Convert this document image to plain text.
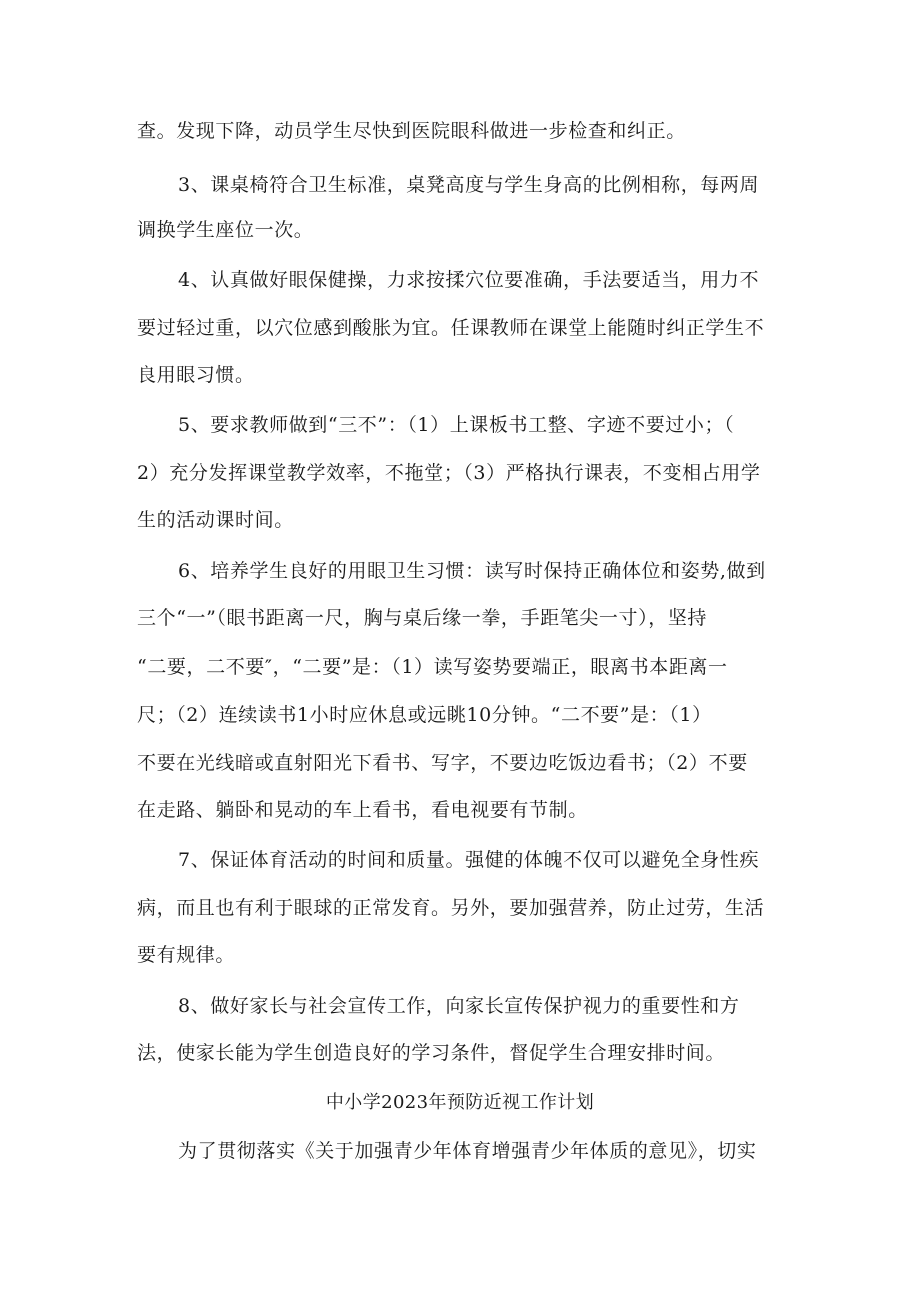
查。发现下降，动员学生尽快到医院眼科做进一步检查和纠正。
3、课桌椅符合卫生标准，桌凳高度与学生身高的比例相称，每两周
调换学生座位一次。
4、认真做好眼保健操，力求按揉穴位要准确，手法要适当，用力不
要过轻过重，以穴位感到酸胀为宜。任课教师在课堂上能随时纠正学生不
良用眼习惯。
5、要求教师做到“三不”：（1）上课板书工整、字迹不要过小；（
2）充分发挥课堂教学效率，不拖堂；（3）严格执行课表，不变相占用学
生的活动课时间。
6、培养学生良好的用眼卫生习惯：读写时保持正确体位和姿势,做到
三个“一”（眼书距离一尺，胸与桌后缘一拳，手距笔尖一寸），坚持
“二要，二不要″，“二要”是：（1）读写姿势要端正，眼离书本距离一
尺；（2）连续读书1小时应休息或远眺10分钟。“二不要”是：（1）
不要在光线暗或直射阳光下看书、写字，不要边吃饭边看书；（2）不要
在走路、躺卧和晃动的车上看书，看电视要有节制。
7、保证体育活动的时间和质量。强健的体魄不仅可以避免全身性疾
病，而且也有利于眼球的正常发育。另外，要加强营养，防止过劳，生活
要有规律。
8、做好家长与社会宣传工作，向家长宣传保护视力的重要性和方
法，使家长能为学生创造良好的学习条件，督促学生合理安排时间。
中小学2023年预防近视工作计划
为了贯彻落实《关于加强青少年体育增强青少年体质的意见》，切实
